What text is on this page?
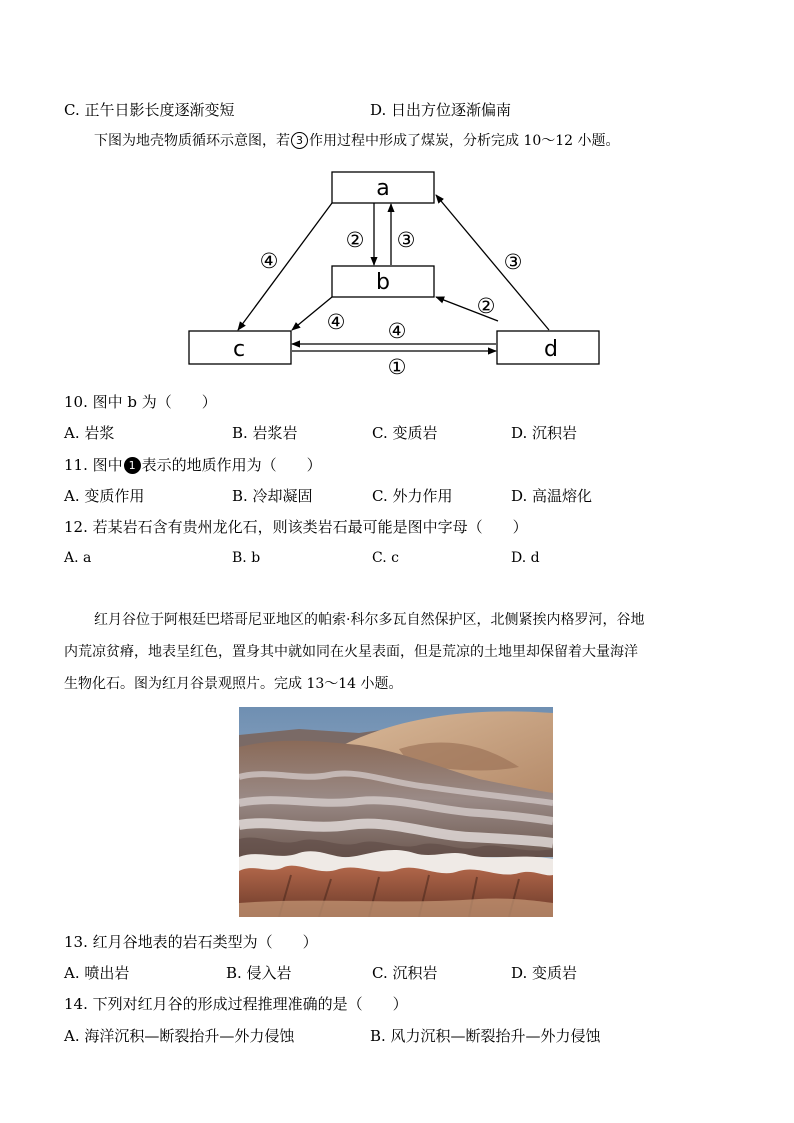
C. 正午日影长度逐渐变短	D. 日出方位逐渐偏南
下图为地壳物质循环示意图，若 3 作用过程中形成了煤炭，分析完成 10～12 小题。
a
b
c	d
② ③
④	③
④
②
④
①
10. 图中 b 为（　　）
A. 岩浆	B. 岩浆岩	C. 变质岩	D. 沉积岩
11. 图中 1 表示的地质作用为（　　）
A. 变质作用	B. 冷却凝固	C. 外力作用	D. 高温熔化
12. 若某岩石含有贵州龙化石，则该类岩石最可能是图中字母（　　）
A. a	B. b	C. c	D. d

红月谷位于阿根廷巴塔哥尼亚地区的帕索·科尔多瓦自然保护区，北侧紧挨内格罗河，谷地

内荒凉贫瘠，地表呈红色，置身其中就如同在火星表面，但是荒凉的土地里却保留着大量海洋

生物化石。图为红月谷景观照片。完成 13～14 小题。

13. 红月谷地表的岩石类型为（　　）
A. 喷出岩	B. 侵入岩	C. 沉积岩	D. 变质岩
14. 下列对红月谷的形成过程推理准确的是（　　）
A. 海洋沉积—断裂抬升—外力侵蚀	B. 风力沉积—断裂抬升—外力侵蚀
